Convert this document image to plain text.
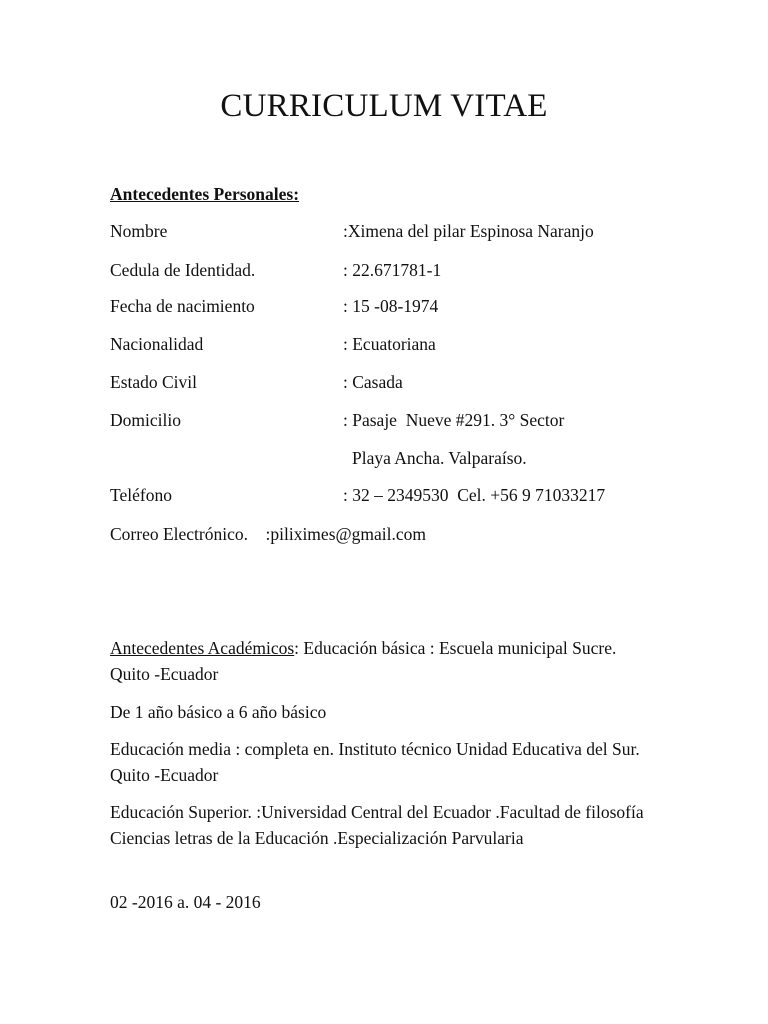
CURRICULUM VITAE
Antecedentes Personales:

Nombre

	:Ximena del pilar Espinosa Naranjo

Cedula de Identidad.

	: 22.671781-1

Fecha de nacimiento

	: 15 -08-1974

Nacionalidad

	: Ecuatoriana

Estado Civil

	: Casada

Domicilio

	: Pasaje  Nueve #291. 3° Sector

Playa Ancha. Valparaíso.

Teléfono

	: 32 – 2349530  Cel. +56 9 71033217

Correo Electrónico.    :piliximes@gmail.com
Antecedentes Académicos: Educación básica : Escuela municipal Sucre. Quito -Ecuador
De 1 año básico a 6 año básico
Educación media : completa en. Instituto técnico Unidad Educativa del Sur. Quito -Ecuador
Educación Superior. :Universidad Central del Ecuador .Facultad de filosofía Ciencias letras de la Educación .Especialización Parvularia
02 -2016 a. 04 - 2016
